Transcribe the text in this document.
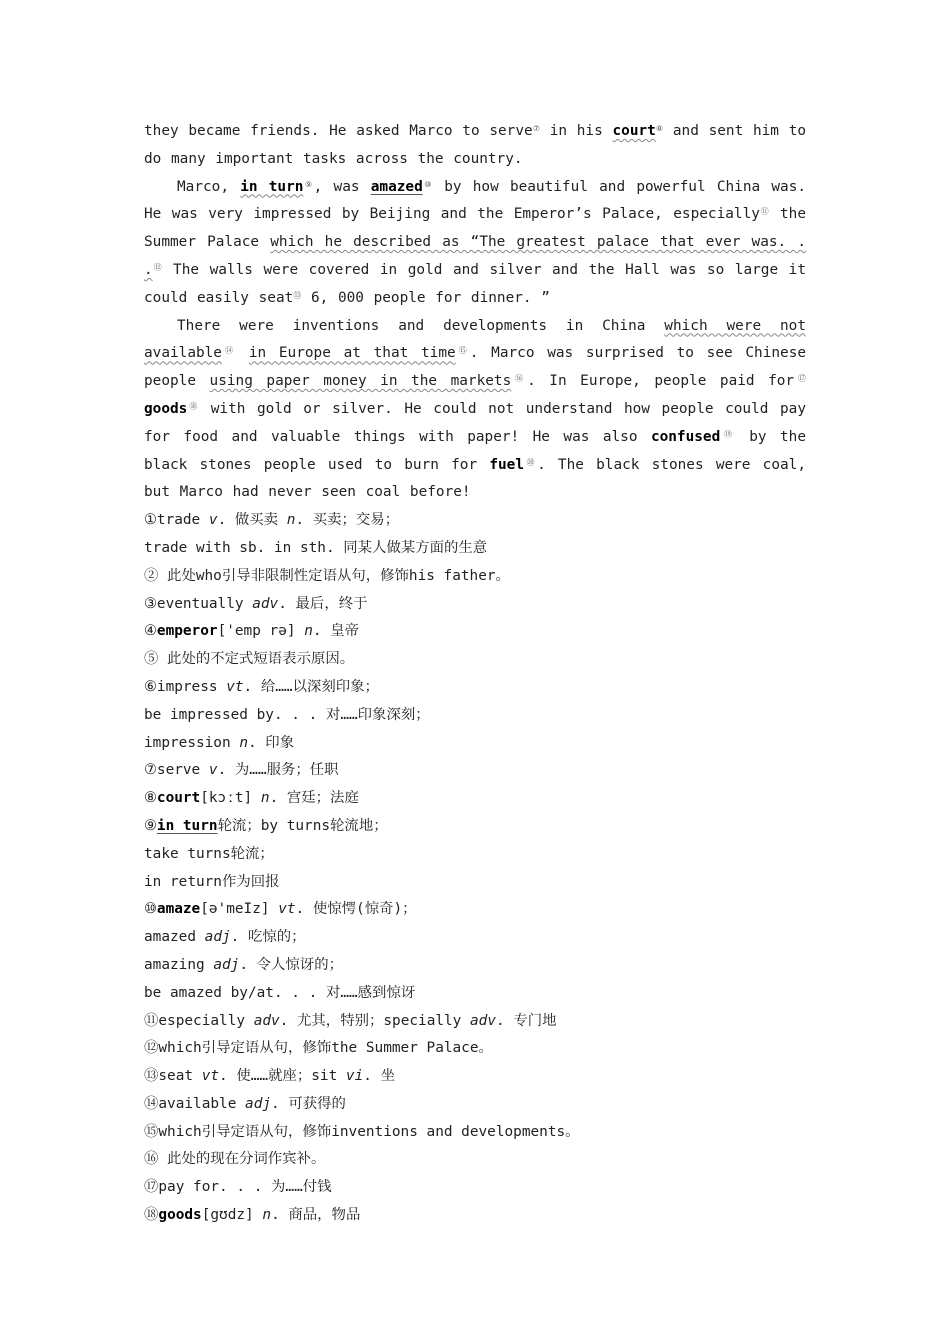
they became friends. He asked Marco to serve⑦ in his court⑧ and sent him to do many important tasks across the country.

Marco, in turn⑨, was amazed⑩ by how beautiful and powerful China was. He was very impressed by Beijing and the Emperor’s Palace, especially⑪ the Summer Palace which he described as “The greatest palace that ever was. . .⑫ The walls were covered in gold and silver and the Hall was so large it could easily seat⑬ 6, 000 people for dinner. ”

There were inventions and developments in China which were not available⑭ in Europe at that time⑮. Marco was surprised to see Chinese people using paper money in the markets⑯. In Europe, people paid for⑰ goods⑱ with gold or silver. He could not understand how people could pay for food and valuable things with paper! He was also confused⑲ by the black stones people used to burn for fuel⑳. The black stones were coal, but Marco had never seen coal before!

①trade v. 做买卖 n. 买卖；交易；
trade with sb. in sth. 同某人做某方面的生意
② 此处who引导非限制性定语从句，修饰his father。
③eventually adv. 最后，终于
④emperor['emp rə] n. 皇帝
⑤ 此处的不定式短语表示原因。
⑥impress vt. 给……以深刻印象；
be impressed by. . . 对……印象深刻；
impression n. 印象
⑦serve v. 为……服务；任职
⑧court[kɔːt] n. 宫廷；法庭
⑨in turn轮流；by turns轮流地；
take turns轮流；
in return作为回报
⑩amaze[ə'meIz] vt. 使惊愕(惊奇)；
amazed adj. 吃惊的；
amazing adj. 令人惊讶的；
be amazed by/at. . . 对……感到惊讶
⑪especially adv. 尤其，特别；specially adv. 专门地
⑫which引导定语从句，修饰the Summer Palace。
⑬seat vt. 使……就座；sit vi. 坐
⑭available adj. 可获得的
⑮which引导定语从句，修饰inventions and developments。
⑯ 此处的现在分词作宾补。
⑰pay for. . . 为……付钱
⑱goods[gʊdz] n. 商品，物品
